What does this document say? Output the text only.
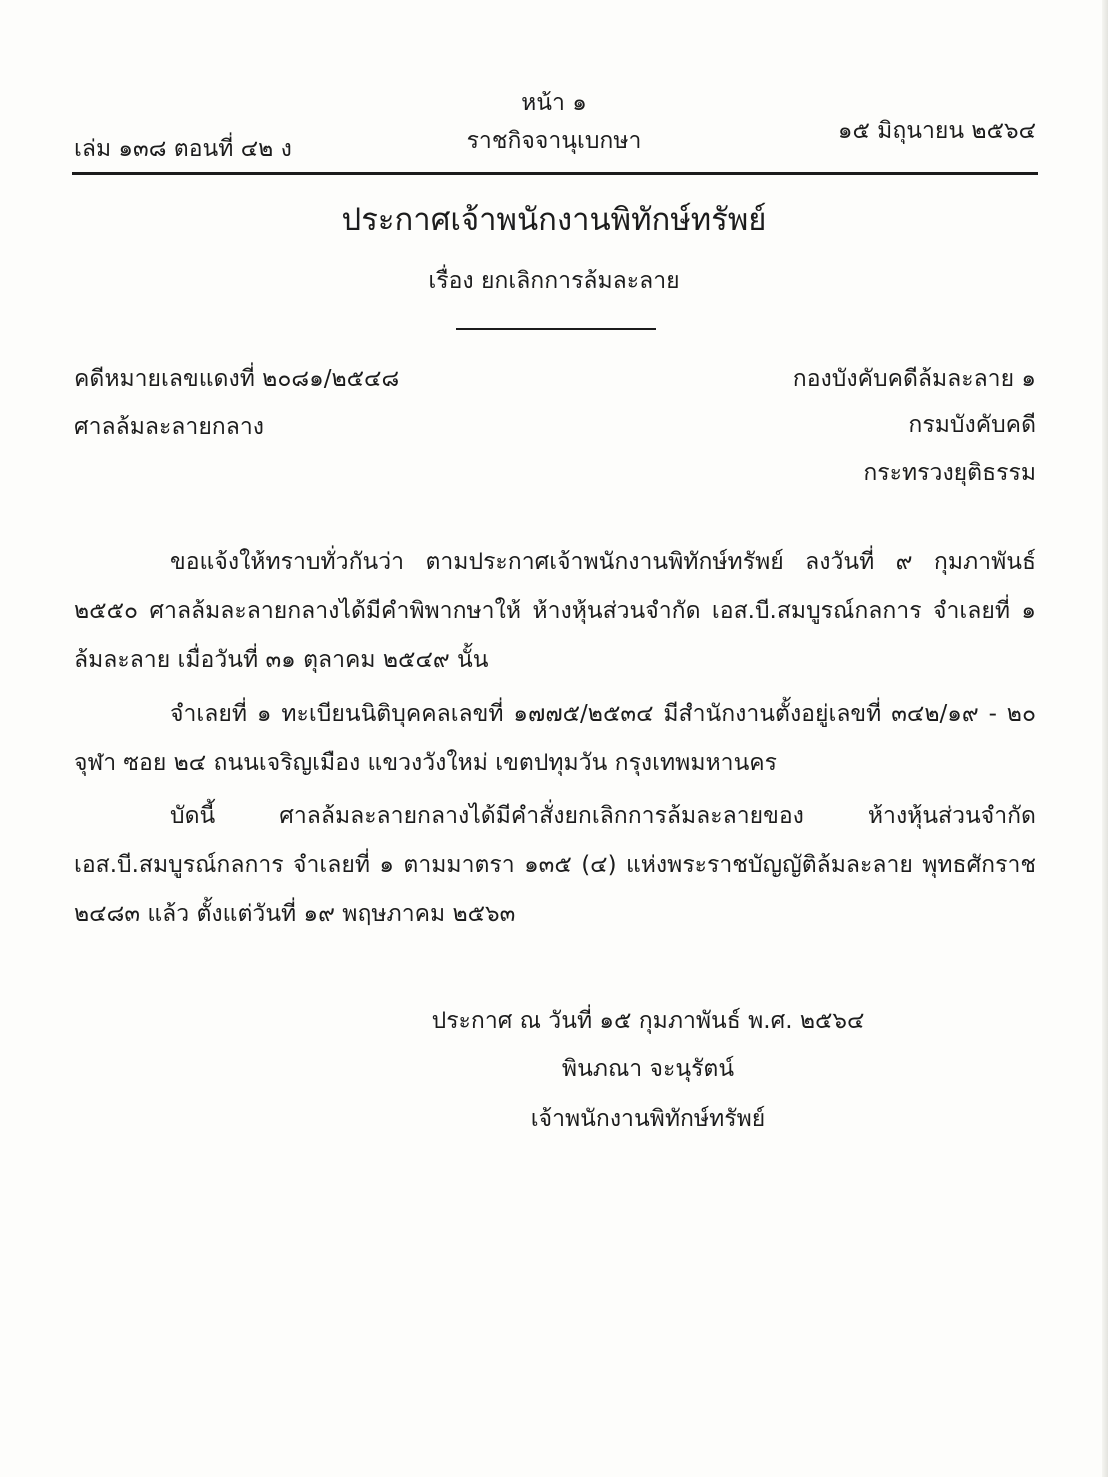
หน้า ๑
เล่ม ๑๓๘ ตอนที่ ๔๒ ง	ราชกิจจานุเบกษา	๑๕ มิถุนายน ๒๕๖๔
ประกาศเจ้าพนักงานพิทักษ์ทรัพย์
เรื่อง ยกเลิกการล้มละลาย
คดีหมายเลขแดงที่ ๒๐๘๑/๒๕๔๘
ศาลล้มละลายกลาง
กองบังคับคดีล้มละลาย ๑
กรมบังคับคดี
กระทรวงยุติธรรม
ขอแจ้งให้ทราบทั่วกันว่า ตามประกาศเจ้าพนักงานพิทักษ์ทรัพย์ ลงวันที่ ๙ กุมภาพันธ์ ๒๕๕๐ ศาลล้มละลายกลางได้มีคำพิพากษาให้ ห้างหุ้นส่วนจำกัด เอส.บี.สมบูรณ์กลการ จำเลยที่ ๑ ล้มละลาย เมื่อวันที่ ๓๑ ตุลาคม ๒๕๔๙ นั้น
จำเลยที่ ๑ ทะเบียนนิติบุคคลเลขที่ ๑๗๗๕/๒๕๓๔ มีสำนักงานตั้งอยู่เลขที่ ๓๔๒/๑๙ - ๒๐ จุฬา ซอย ๒๔ ถนนเจริญเมือง แขวงวังใหม่ เขตปทุมวัน กรุงเทพมหานคร
บัดนี้ ศาลล้มละลายกลางได้มีคำสั่งยกเลิกการล้มละลายของ ห้างหุ้นส่วนจำกัด เอส.บี.สมบูรณ์กลการ จำเลยที่ ๑ ตามมาตรา ๑๓๕ (๔) แห่งพระราชบัญญัติล้มละลาย พุทธศักราช ๒๔๘๓ แล้ว ตั้งแต่วันที่ ๑๙ พฤษภาคม ๒๕๖๓
ประกาศ ณ วันที่ ๑๕ กุมภาพันธ์ พ.ศ. ๒๕๖๔
พินภณา จะนุรัตน์
เจ้าพนักงานพิทักษ์ทรัพย์
